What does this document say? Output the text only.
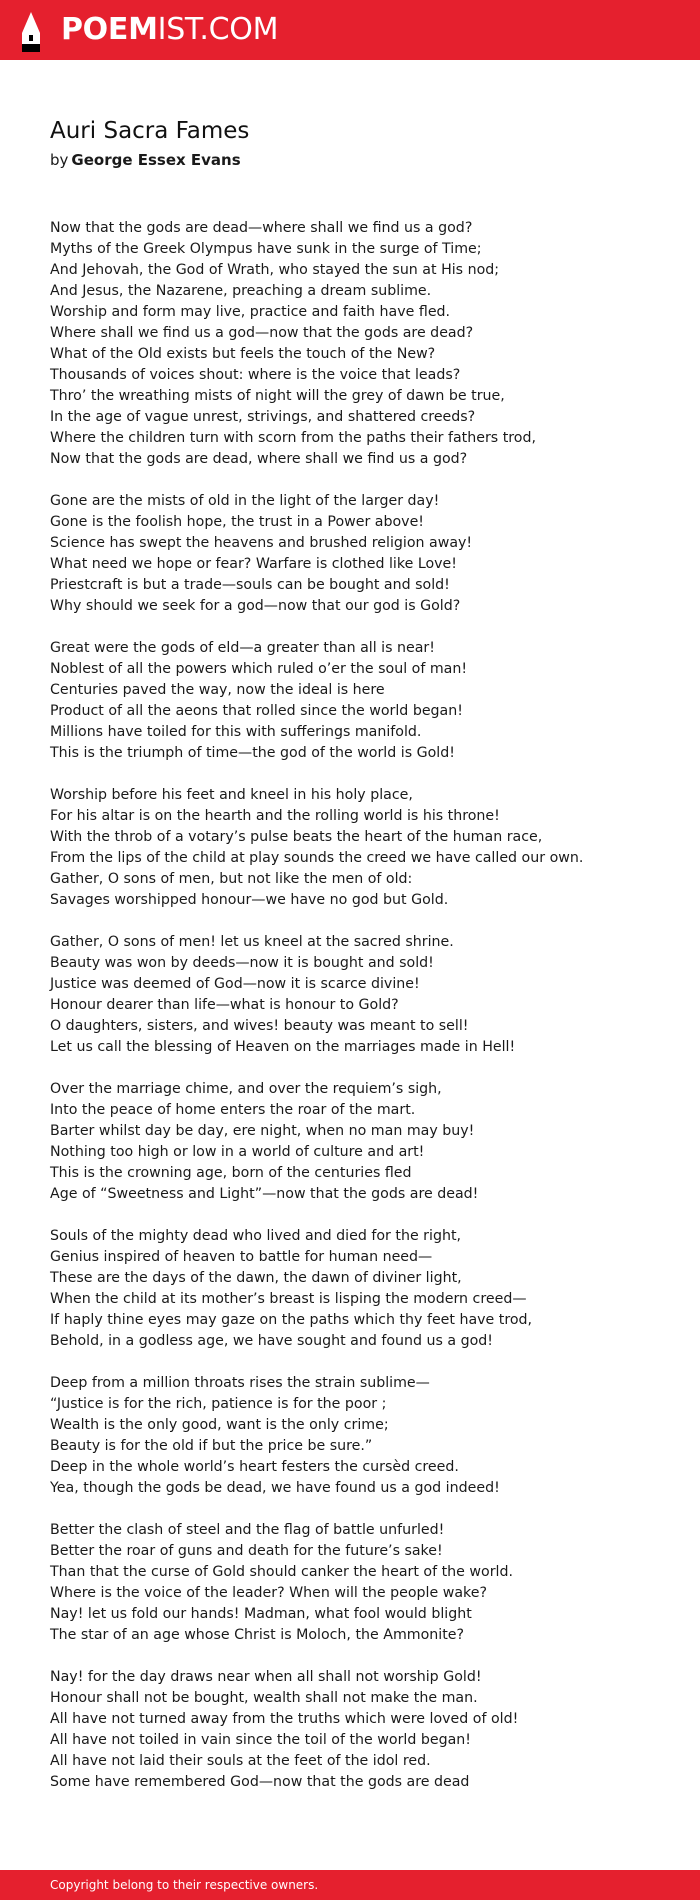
POEMIST.COM
Auri Sacra Fames
by George Essex Evans
Now that the gods are dead—where shall we find us a god?
Myths of the Greek Olympus have sunk in the surge of Time;
And Jehovah, the God of Wrath, who stayed the sun at His nod;
And Jesus, the Nazarene, preaching a dream sublime.
Worship and form may live, practice and faith have fled.
Where shall we find us a god—now that the gods are dead?
What of the Old exists but feels the touch of the New?
Thousands of voices shout: where is the voice that leads?
Thro’ the wreathing mists of night will the grey of dawn be true,
In the age of vague unrest, strivings, and shattered creeds?
Where the children turn with scorn from the paths their fathers trod,
Now that the gods are dead, where shall we find us a god?
Gone are the mists of old in the light of the larger day!
Gone is the foolish hope, the trust in a Power above!
Science has swept the heavens and brushed religion away!
What need we hope or fear? Warfare is clothed like Love!
Priestcraft is but a trade—souls can be bought and sold!
Why should we seek for a god—now that our god is Gold?
Great were the gods of eld—a greater than all is near!
Noblest of all the powers which ruled o’er the soul of man!
Centuries paved the way, now the ideal is here
Product of all the aeons that rolled since the world began!
Millions have toiled for this with sufferings manifold.
This is the triumph of time—the god of the world is Gold!
Worship before his feet and kneel in his holy place,
For his altar is on the hearth and the rolling world is his throne!
With the throb of a votary’s pulse beats the heart of the human race,
From the lips of the child at play sounds the creed we have called our own.
Gather, O sons of men, but not like the men of old:
Savages worshipped honour—we have no god but Gold.
Gather, O sons of men! let us kneel at the sacred shrine.
Beauty was won by deeds—now it is bought and sold!
Justice was deemed of God—now it is scarce divine!
Honour dearer than life—what is honour to Gold?
O daughters, sisters, and wives! beauty was meant to sell!
Let us call the blessing of Heaven on the marriages made in Hell!
Over the marriage chime, and over the requiem’s sigh,
Into the peace of home enters the roar of the mart.
Barter whilst day be day, ere night, when no man may buy!
Nothing too high or low in a world of culture and art!
This is the crowning age, born of the centuries fled
Age of “Sweetness and Light”—now that the gods are dead!
Souls of the mighty dead who lived and died for the right,
Genius inspired of heaven to battle for human need—
These are the days of the dawn, the dawn of diviner light,
When the child at its mother’s breast is lisping the modern creed—
If haply thine eyes may gaze on the paths which thy feet have trod,
Behold, in a godless age, we have sought and found us a god!
Deep from a million throats rises the strain sublime—
“Justice is for the rich, patience is for the poor ;
Wealth is the only good, want is the only crime;
Beauty is for the old if but the price be sure.”
Deep in the whole world’s heart festers the cursèd creed.
Yea, though the gods be dead, we have found us a god indeed!
Better the clash of steel and the flag of battle unfurled!
Better the roar of guns and death for the future’s sake!
Than that the curse of Gold should canker the heart of the world.
Where is the voice of the leader? When will the people wake?
Nay! let us fold our hands! Madman, what fool would blight
The star of an age whose Christ is Moloch, the Ammonite?
Nay! for the day draws near when all shall not worship Gold!
Honour shall not be bought, wealth shall not make the man.
All have not turned away from the truths which were loved of old!
All have not toiled in vain since the toil of the world began!
All have not laid their souls at the feet of the idol red.
Some have remembered God—now that the gods are dead
Copyright belong to their respective owners.
